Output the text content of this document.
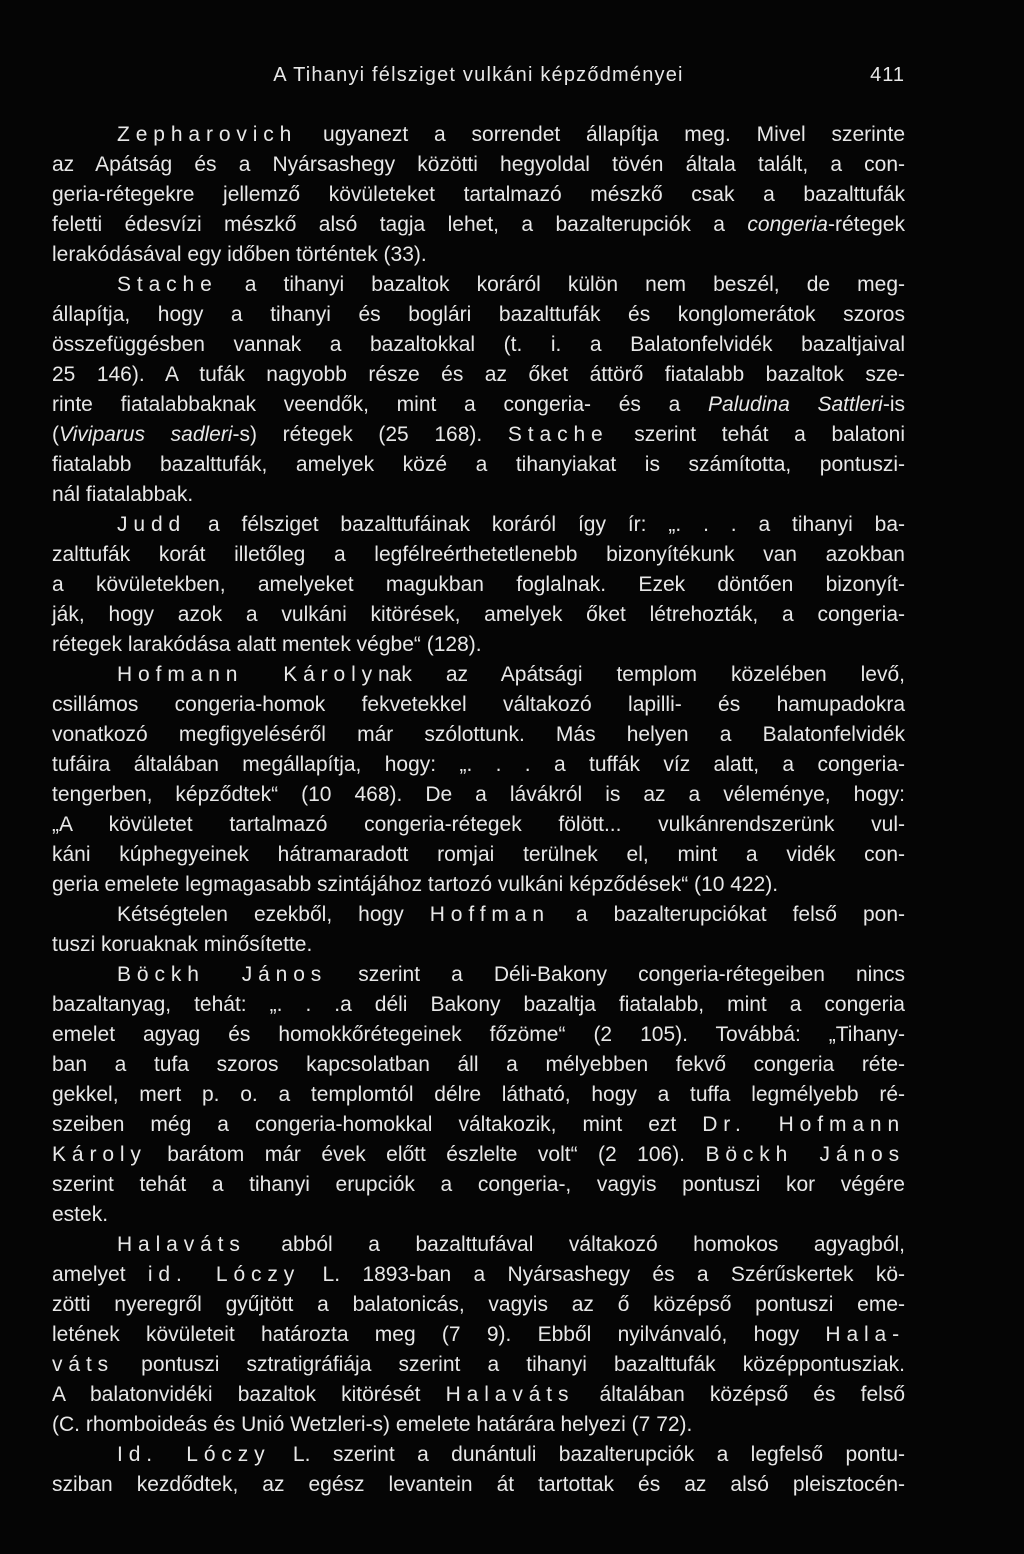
A Tihanyi félsziget vulkáni képződményei	411
Zepharovich ugyanezt a sorrendet állapítja meg. Mivel szerinte
az Apátság és a Nyársashegy közötti hegyoldal tövén általa talált, a con-
geria-rétegekre jellemző kövületeket tartalmazó mészkő csak a bazalttufák
feletti édesvízi mészkő alsó tagja lehet, a bazalterupciók a congeria-rétegek
lerakódásával egy időben történtek (33).
Stache a tihanyi bazaltok koráról külön nem beszél, de meg-
állapítja, hogy a tihanyi és boglári bazalttufák és konglomerátok szoros
összefüggésben vannak a bazaltokkal (t. i. a Balatonfelvidék bazaltjaival
25 146). A tufák nagyobb része és az őket áttörő fiatalabb bazaltok sze-
rinte fiatalabbaknak veendők, mint a congeria- és a Paludina Sattleri-is
(Viviparus sadleri-s) rétegek (25 168). Stache szerint tehát a balatoni
fiatalabb bazalttufák, amelyek közé a tihanyiakat is számította, pontuszi-
nál fiatalabbak.
Judd a félsziget bazalttufáinak koráról így ír: „. . . a tihanyi ba-
zalttufák korát illetőleg a legfélreérthetetlenebb bizonyítékunk van azokban
a kövületekben, amelyeket magukban foglalnak. Ezek döntően bizonyít-
ják, hogy azok a vulkáni kitörések, amelyek őket létrehozták, a congeria-
rétegek larakódása alatt mentek végbe“ (128).
Hofmann Károlynak az Apátsági templom közelében levő,
csillámos congeria-homok fekvetekkel váltakozó lapilli- és hamupadokra
vonatkozó megfigyeléséről már szólottunk. Más helyen a Balatonfelvidék
tufáira általában megállapítja, hogy: „. . . a tuffák víz alatt, a congeria-
tengerben, képződtek“ (10 468). De a lávákról is az a véleménye, hogy:
„A kövületet tartalmazó congeria-rétegek fölött... vulkánrendszerünk vul-
káni kúphegyeinek hátramaradott romjai terülnek el, mint a vidék con-
geria emelete legmagasabb szintájához tartozó vulkáni képződések“ (10 422).
Kétségtelen ezekből, hogy Hoffman a bazalterupciókat felső pon-
tuszi koruaknak minősítette.
Böckh János szerint a Déli-Bakony congeria-rétegeiben nincs
bazaltanyag, tehát: „. . .a déli Bakony bazaltja fiatalabb, mint a congeria
emelet agyag és homokkőrétegeinek főzöme“ (2 105). Továbbá: „Tihany-
ban a tufa szoros kapcsolatban áll a mélyebben fekvő congeria réte-
gekkel, mert p. o. a templomtól délre látható, hogy a tuffa legmélyebb ré-
szeiben még a congeria-homokkal váltakozik, mint ezt Dr. Hofmann
Károly barátom már évek előtt észlelte volt“ (2 106). Böckh János
szerint tehát a tihanyi erupciók a congeria-, vagyis pontuszi kor végére
estek.
Halaváts abból a bazalttufával váltakozó homokos agyagból,
amelyet id. Lóczy L. 1893-ban a Nyársashegy és a Szérűskertek kö-
zötti nyeregről gyűjtött a balatonicás, vagyis az ő középső pontuszi eme-
letének kövületeit határozta meg (7 9). Ebből nyilvánvaló, hogy Hala-
váts pontuszi sztratigráfiája szerint a tihanyi bazalttufák középpontusziak.
A balatonvidéki bazaltok kitörését Halaváts általában középső és felső
(C. rhomboideás és Unió Wetzleri-s) emelete határára helyezi (7 72).
Id. Lóczy L. szerint a dunántuli bazalterupciók a legfelső pontu-
sziban kezdődtek, az egész levantein át tartottak és az alsó pleisztocén-
